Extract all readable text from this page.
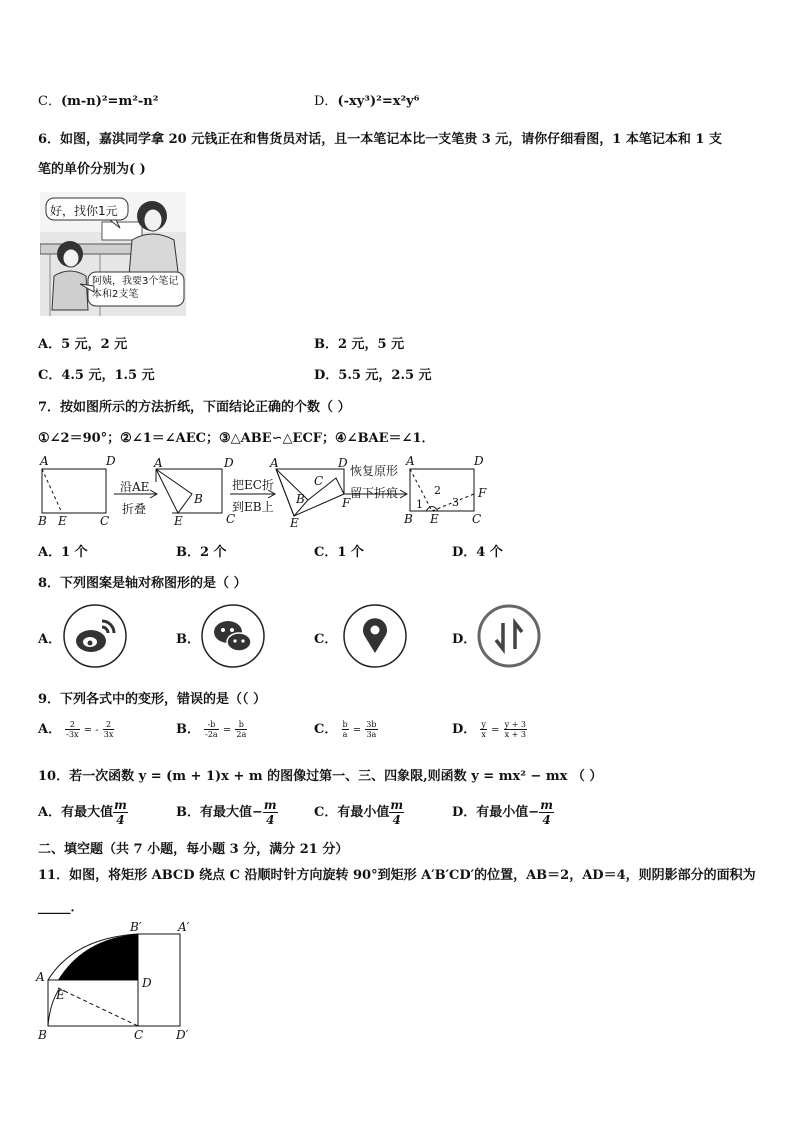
C．(m-n)²=m²-n²	D．(-xy³)²=x²y⁶
6．如图，嘉淇同学拿 20 元钱正在和售货员对话，且一本笔记本比一支笔贵 3 元，请你仔细看图，1 本笔记本和 1 支
笔的单价分别为( )
好，找你1元
阿姨，我要3个笔记本和2支笔
A．5 元，2 元	B．2 元，5 元
C．4.5 元，1.5 元	D．5.5 元，2.5 元
7．按如图所示的方法折纸，下面结论正确的个数（ ）
①∠2＝90°；②∠1＝∠AEC；③△ABE∽△ECF；④∠BAE＝∠1．
A	D
B E	C
沿AE
折叠
A	D
B
E	C
把EC折
到EB上
A	D
C
B
E
F
恢复原形
留下折痕
A	D
F
B E	C
1
2
3
A．1 个	B．2 个	C．1 个	D．4 个
8．下列图案是轴对称图形的是（ ）
A．	B．	C．	D．
9．下列各式中的变形，错误的是（（ ）
A． $\frac{2}{-3x}$ = - $\frac{2}{3x}$	B． $\frac{-b}{-2a} = \frac{b}{2a}$	C． $\frac{b}{a} = \frac{3b}{3a}$	D． $\frac{y}{x} = \frac{y + 3}{x + 3}$
10．若一次函数 y = (m + 1)x + m 的图像过第一、三、四象限,则函数 y = mx² − mx （ ）
A．有最大值 $\frac{m}{4}$	B．有最大值− $\frac{m}{4}$	C．有最小值 $\frac{m}{4}$	D．有最小值− $\frac{m}{4}$
二、填空题（共 7 小题，每小题 3 分，满分 21 分）
11．如图，将矩形 ABCD 绕点 C 沿顺时针方向旋转 90°到矩形 A′B′CD′的位置，AB＝2，AD＝4，则阴影部分的面积为
_____．
A
B	C
D
E
A′
B′
D′
